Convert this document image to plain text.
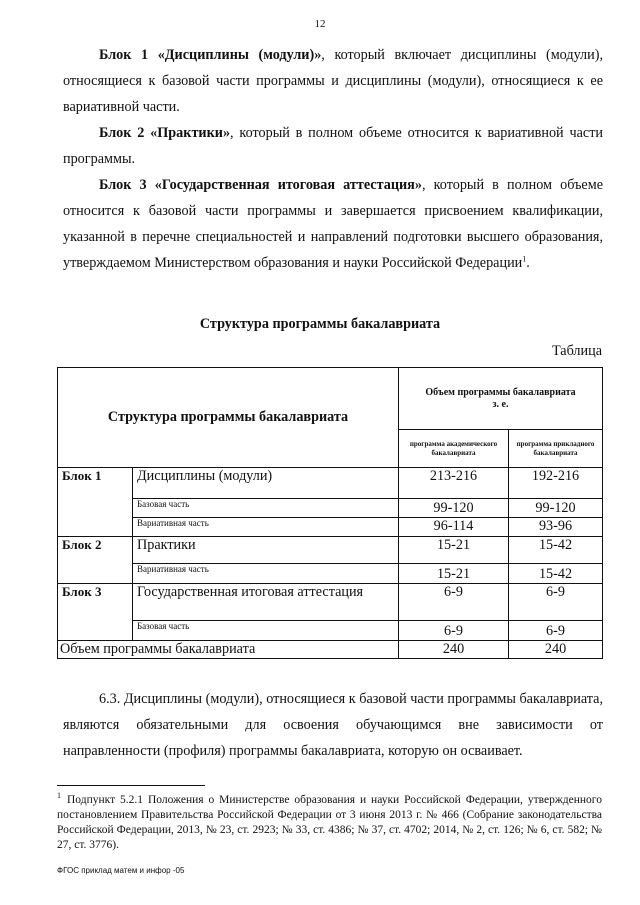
12
Блок 1 «Дисциплины (модули)», который включает дисциплины (модули), относящиеся к базовой части программы и дисциплины (модули), относящиеся к ее вариативной части.
Блок 2 «Практики», который в полном объеме относится к вариативной части программы.
Блок 3 «Государственная итоговая аттестация», который в полном объеме относится к базовой части программы и завершается присвоением квалификации, указанной в перечне специальностей и направлений подготовки высшего образования, утверждаемом Министерством образования и науки Российской Федерации$^1$.
Структура программы бакалавриата
Таблица
Структура программы бакалавриата		Объем программы бакалавриата
з. е.	
		программа академического бакалавриата	программа прикладного бакалавриата
Блок 1	Дисциплины (модули)	213-216	192-216
	Базовая часть	99-120	99-120
	Вариативная часть	96-114	93-96
Блок 2	Практики	15-21	15-42
	Вариативная часть	15-21	15-42
Блок 3	Государственная итоговая аттестация	6-9	6-9
	Базовая часть	6-9	6-9
Объем программы бакалавриата		240	240
6.3. Дисциплины (модули), относящиеся к базовой части программы бакалавриата, являются обязательными для освоения обучающимся вне зависимости от направленности (профиля) программы бакалавриата, которую он осваивает.
$^1$ Подпункт 5.2.1 Положения о Министерстве образования и науки Российской Федерации, утвержденного постановлением Правительства Российской Федерации от 3 июня 2013 г. № 466 (Собрание законодательства Российской Федерации, 2013, № 23, ст. 2923; № 33, ст. 4386; № 37, ст. 4702; 2014, № 2, ст. 126; № 6, ст. 582; № 27, ст. 3776).
ФГОС приклад матем и инфор -05
